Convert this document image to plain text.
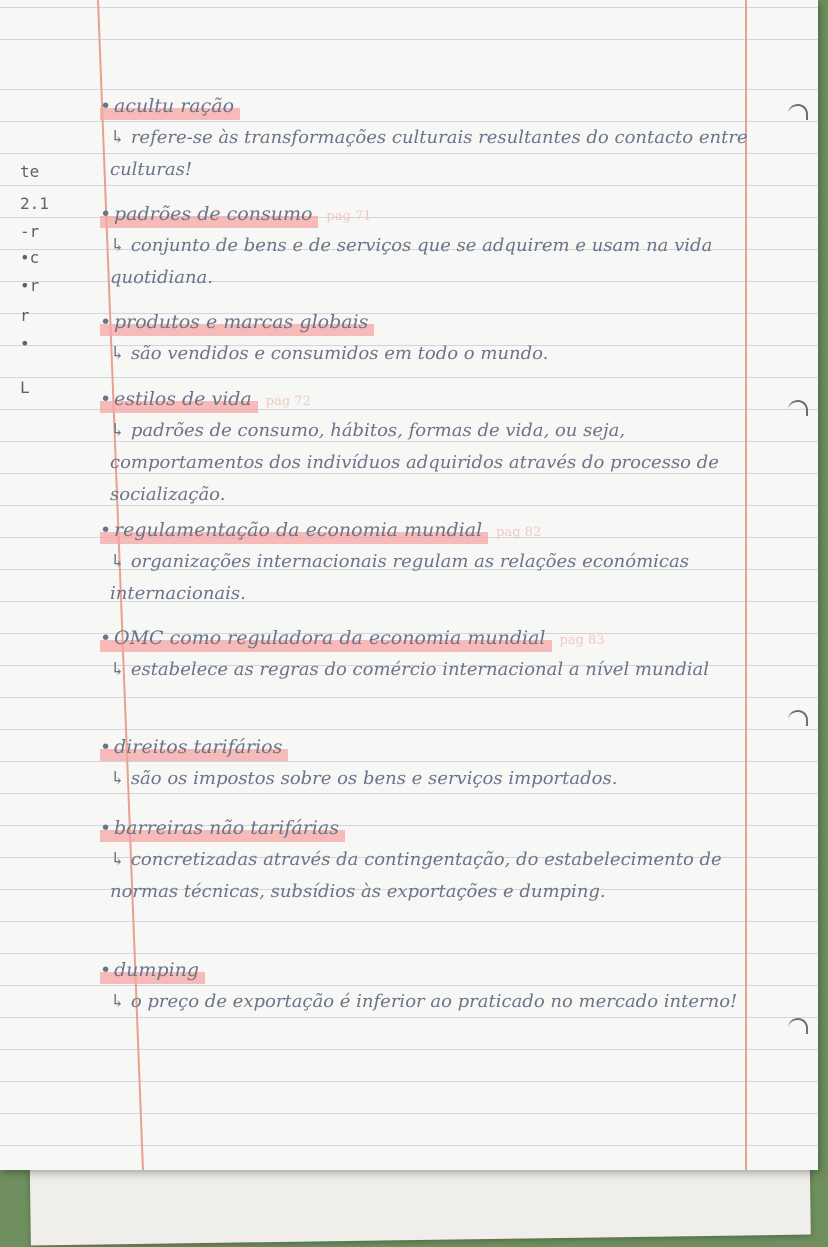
te
2.1
-r
•c
•r
r
•
L
• acultu ração
↳ refere-se às transformações culturais resultantes do contacto entre culturas!
• padrões de consumo pag 71
↳ conjunto de bens e de serviços que se adquirem e usam na vida quotidiana.
• produtos e marcas globais
↳ são vendidos e consumidos em todo o mundo.
• estilos de vida pag 72
↳ padrões de consumo, hábitos, formas de vida, ou seja, comportamentos dos indivíduos adquiridos através do processo de socialização.
• regulamentação da economia mundial pag 82
↳ organizações internacionais regulam as relações económicas internacionais.
• OMC como reguladora da economia mundial pag 83
↳ estabelece as regras do comércio internacional a nível mundial
• direitos tarifários
↳ são os impostos sobre os bens e serviços importados.
• barreiras não tarifárias
↳ concretizadas através da contingentação, do estabelecimento de normas técnicas, subsídios às exportações e dumping.
• dumping
↳ o preço de exportação é inferior ao praticado no mercado interno!
